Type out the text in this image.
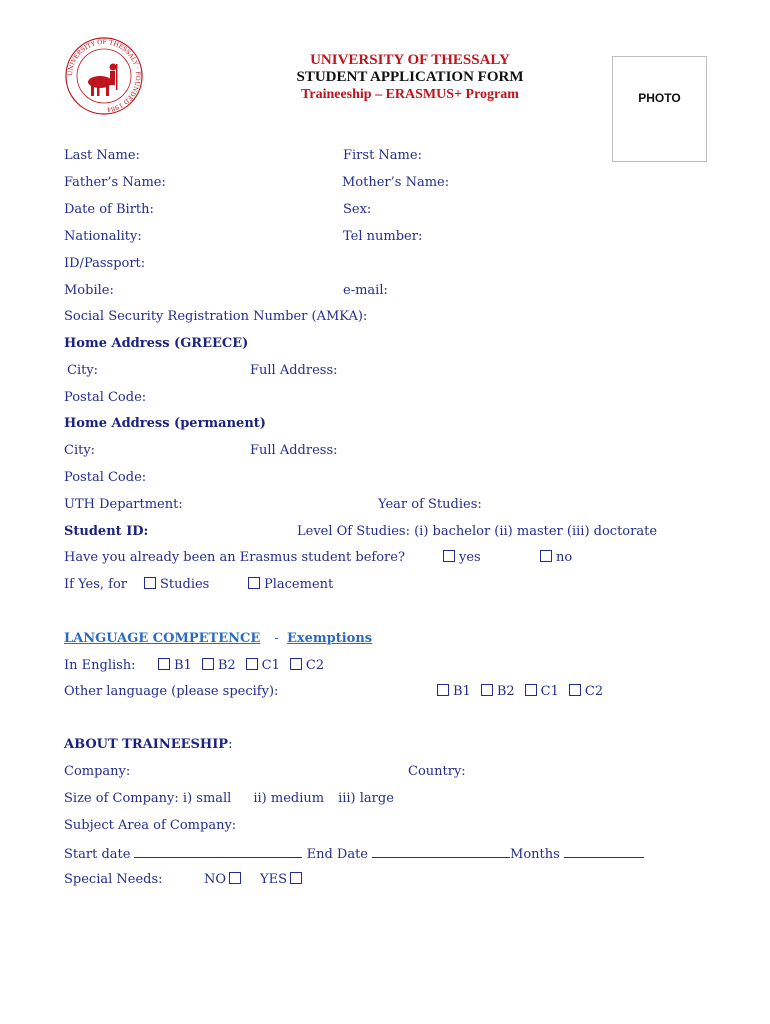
UNIVERSITY OF THESSALY · FOUNDED 1984
UNIVERSITY OF THESSALY
STUDENT APPLICATION FORM
Traineeship – ERASMUS+ Program	PHOTO
Last Name:	First Name:
Father’s Name:	Mother’s Name:
Date of Birth:	Sex:
Nationality:	Tel number:
ID/Passport:
Mobile:	e-mail:
Social Security Registration Number (AMKA):
Home Address (GREECE)
City:	Full Address:
Postal Code:
Home Address (permanent)
City:	Full Address:
Postal Code:
UTH Department:	Year of Studies:
Student ID:	Level Of Studies: (i) bachelor (ii) master (iii) doctorate
Have you already been an Erasmus student before?	yes	no
If Yes, for	Studies	Placement
LANGUAGE COMPETENCE - Exemptions
In English:	B1 B2 C1 C2
Other language (please specify):	B1 B2 C1 C2
ABOUT TRAINEESHIP:
Company:	Country:
Size of Company: i) small ii) medium iii) large
Subject Area of Company:
Start date	End Date	Months
Special Needs:	NO	YES
